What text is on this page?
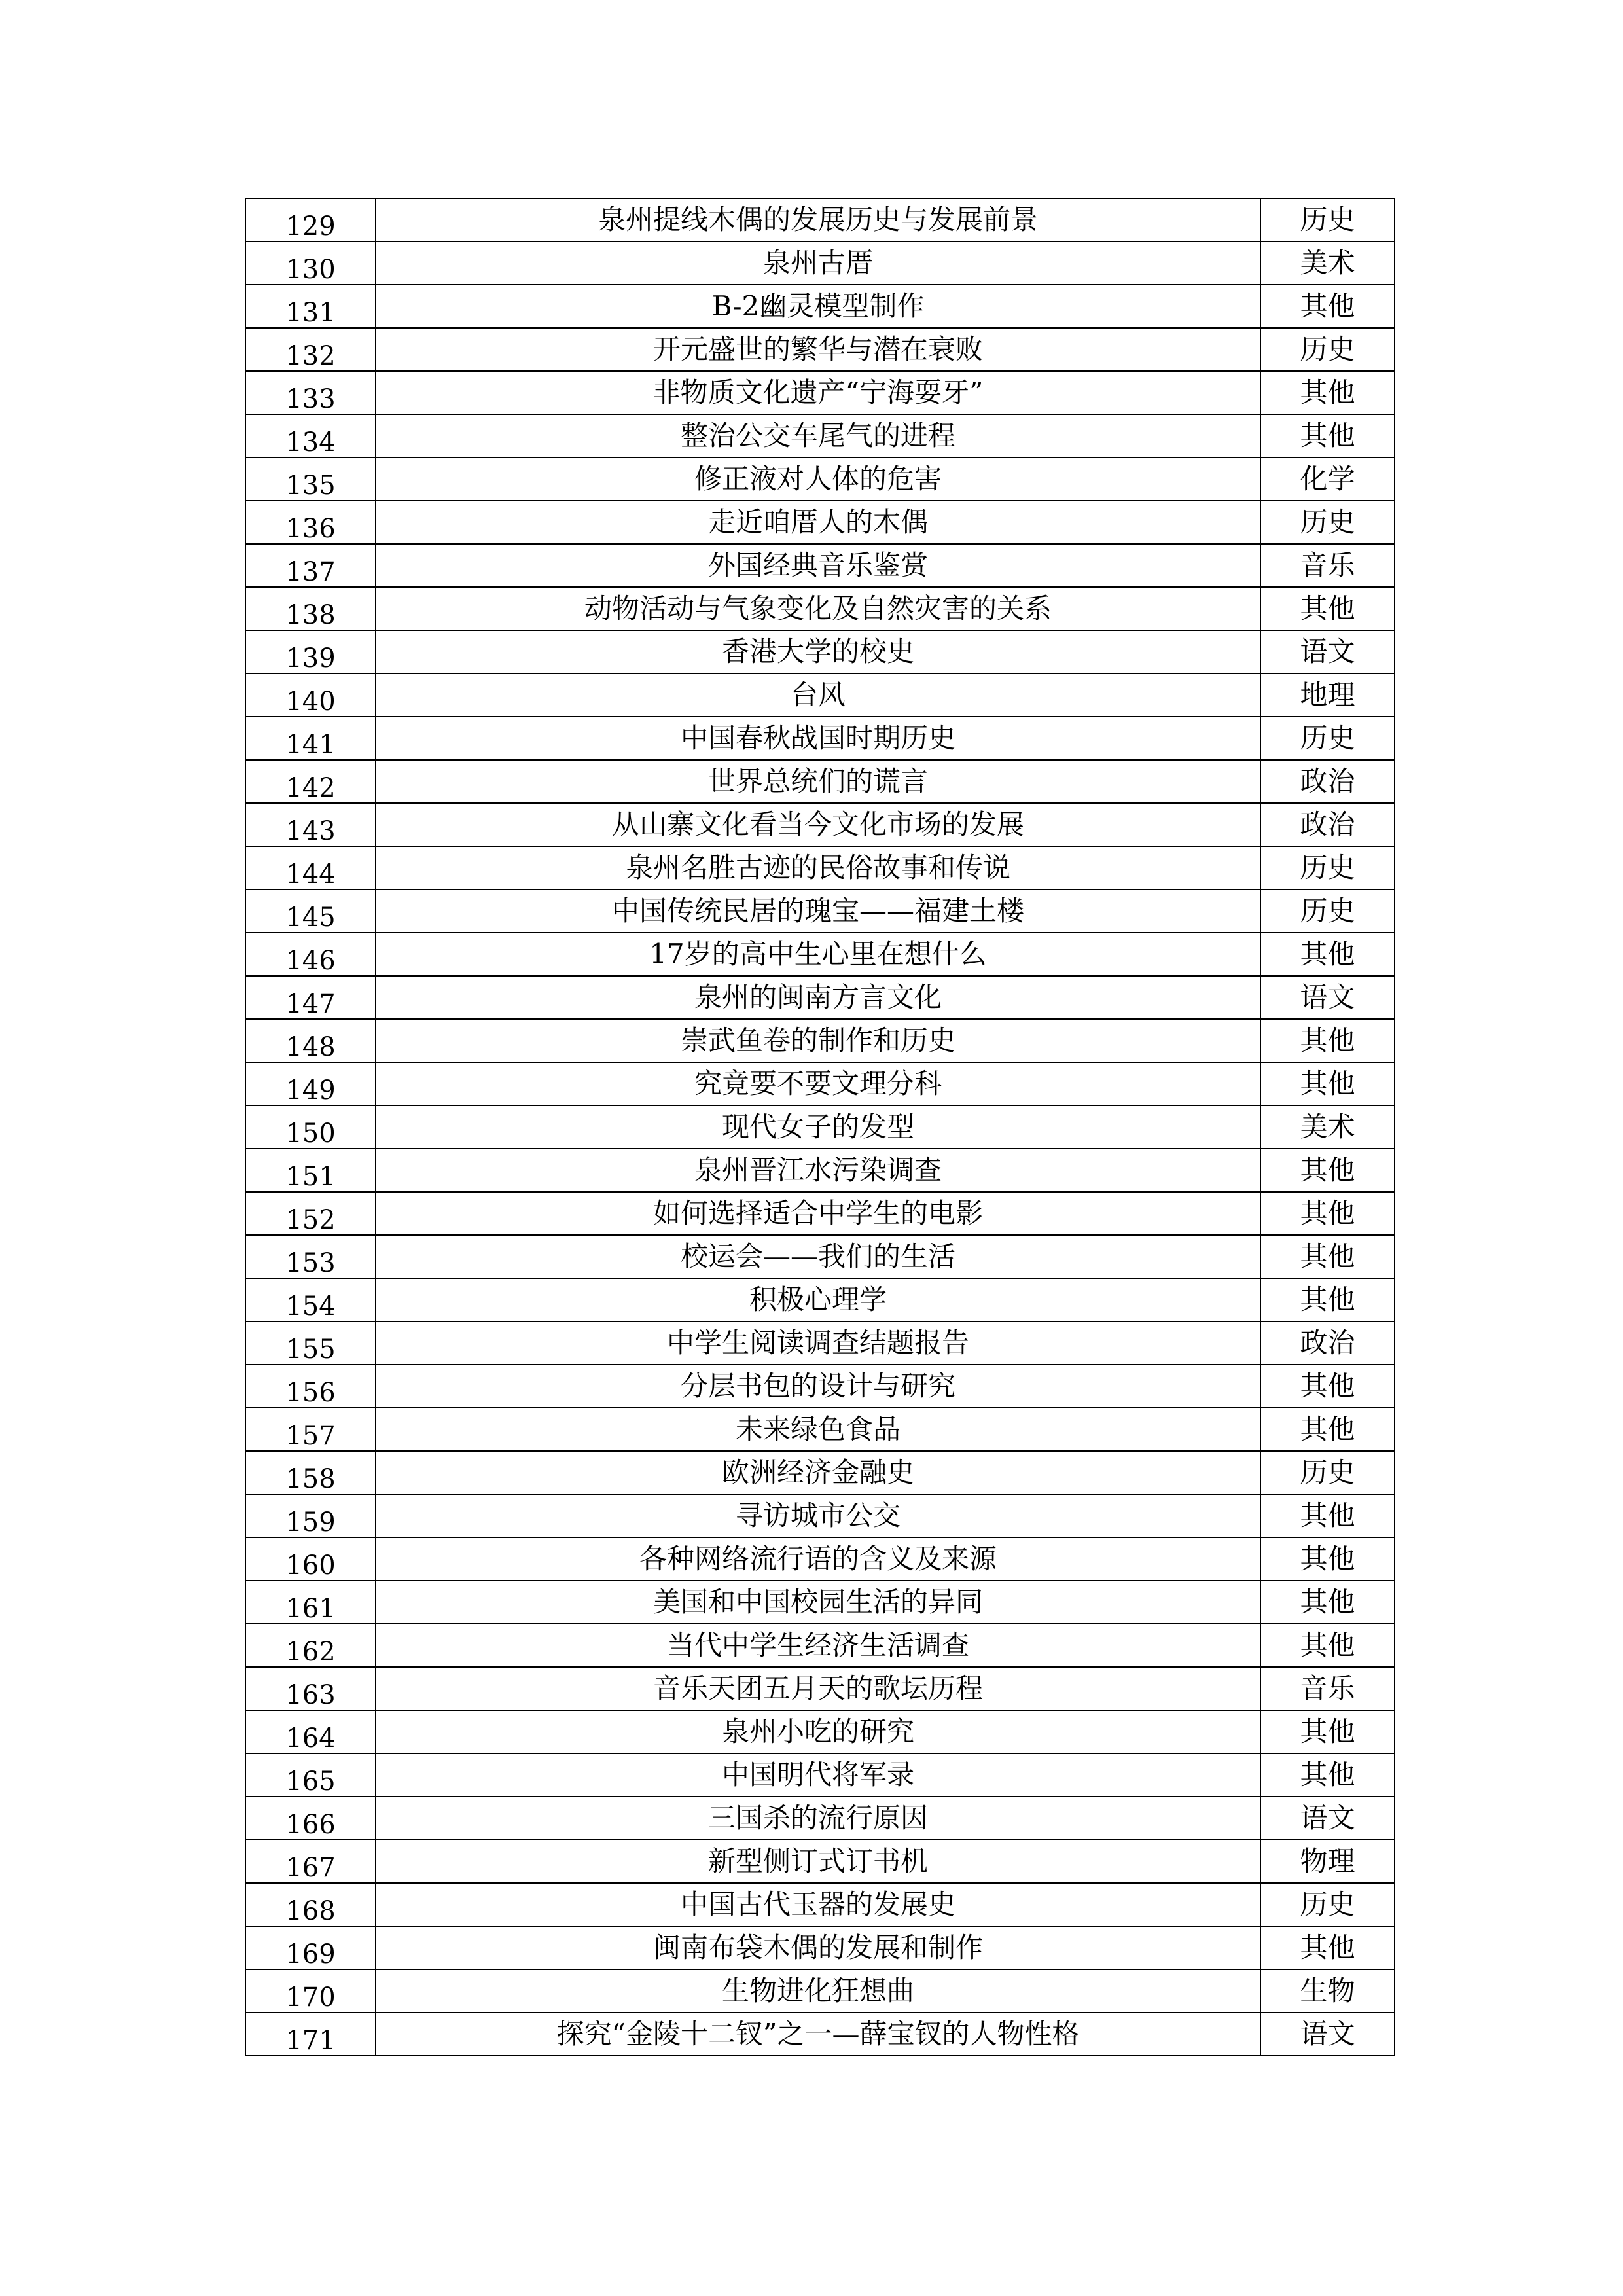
129	泉州提线木偶的发展历史与发展前景	历史
130	泉州古厝	美术
131	B-2幽灵模型制作	其他
132	开元盛世的繁华与潜在衰败	历史
133	非物质文化遗产“宁海耍牙”	其他
134	整治公交车尾气的进程	其他
135	修正液对人体的危害	化学
136	走近咱厝人的木偶	历史
137	外国经典音乐鉴赏	音乐
138	动物活动与气象变化及自然灾害的关系	其他
139	香港大学的校史	语文
140	台风	地理
141	中国春秋战国时期历史	历史
142	世界总统们的谎言	政治
143	从山寨文化看当今文化市场的发展	政治
144	泉州名胜古迹的民俗故事和传说	历史
145	中国传统民居的瑰宝——福建土楼	历史
146	17岁的高中生心里在想什么	其他
147	泉州的闽南方言文化	语文
148	崇武鱼卷的制作和历史	其他
149	究竟要不要文理分科	其他
150	现代女子的发型	美术
151	泉州晋江水污染调查	其他
152	如何选择适合中学生的电影	其他
153	校运会——我们的生活	其他
154	积极心理学	其他
155	中学生阅读调查结题报告	政治
156	分层书包的设计与研究	其他
157	未来绿色食品	其他
158	欧洲经济金融史	历史
159	寻访城市公交	其他
160	各种网络流行语的含义及来源	其他
161	美国和中国校园生活的异同	其他
162	当代中学生经济生活调查	其他
163	音乐天团五月天的歌坛历程	音乐
164	泉州小吃的研究	其他
165	中国明代将军录	其他
166	三国杀的流行原因	语文
167	新型侧订式订书机	物理
168	中国古代玉器的发展史	历史
169	闽南布袋木偶的发展和制作	其他
170	生物进化狂想曲	生物
171	探究“金陵十二钗”之一—薛宝钗的人物性格	语文
